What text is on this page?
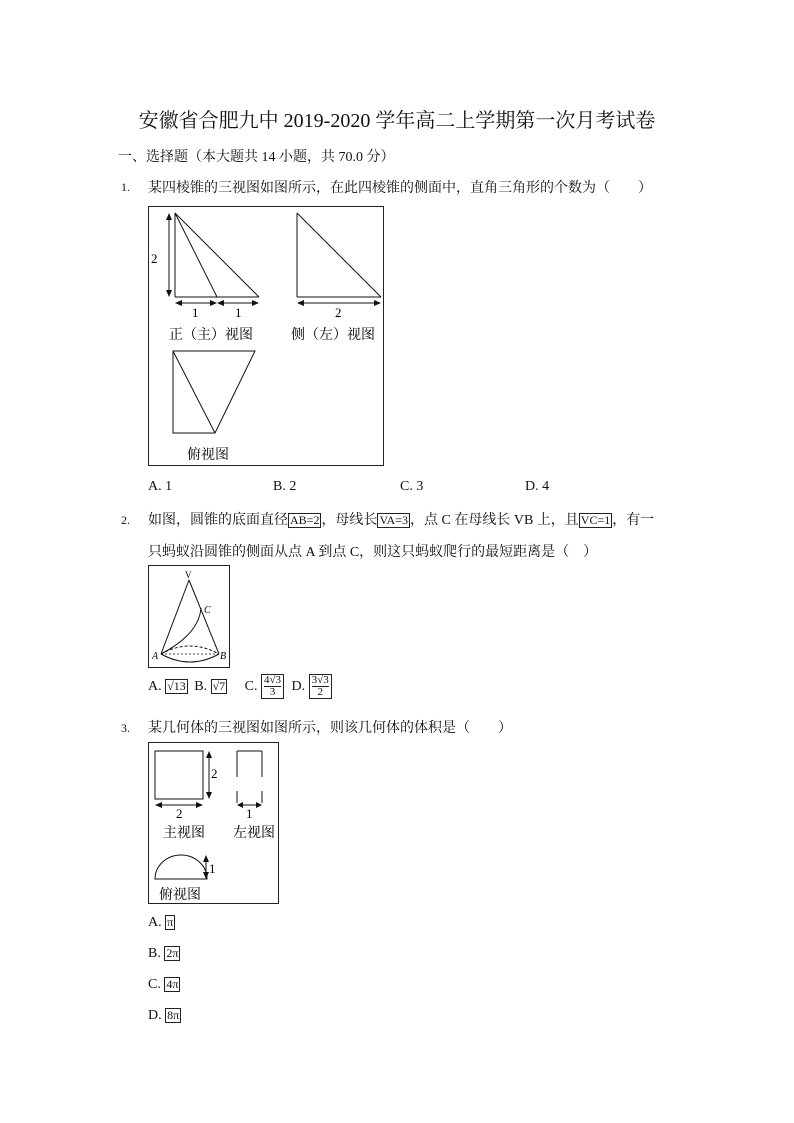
安徽省合肥九中 2019-2020 学年高二上学期第一次月考试卷
一、选择题（本大题共 14 小题，共 70.0 分）
1. 某四棱锥的三视图如图所示，在此四棱锥的侧面中，直角三角形的个数为（　　）
2
1	1
正（主）视图
2
侧（左）视图
俯视图
A. 1	B. 2	C. 3	D. 4
2. 如图，圆锥的底面直径 AB=2 ，母线长 VA=3 ，点 C 在母线长 VB 上，且 VC=1 ，有一
只蚂蚁沿圆锥的侧面从点 A 到点 C，则这只蚂蚁爬行的最短距离是（　）
V
C
A	B
A. √13 B. √7 C. $\frac{4√3}{3} D$. $\frac{3√3}{2}$
3. 某几何体的三视图如图所示，则该几何体的体积是（　　）
2
2
主视图
1
左视图
1
俯视图
A. π
B. 2π
C. 4π
D. 8π
